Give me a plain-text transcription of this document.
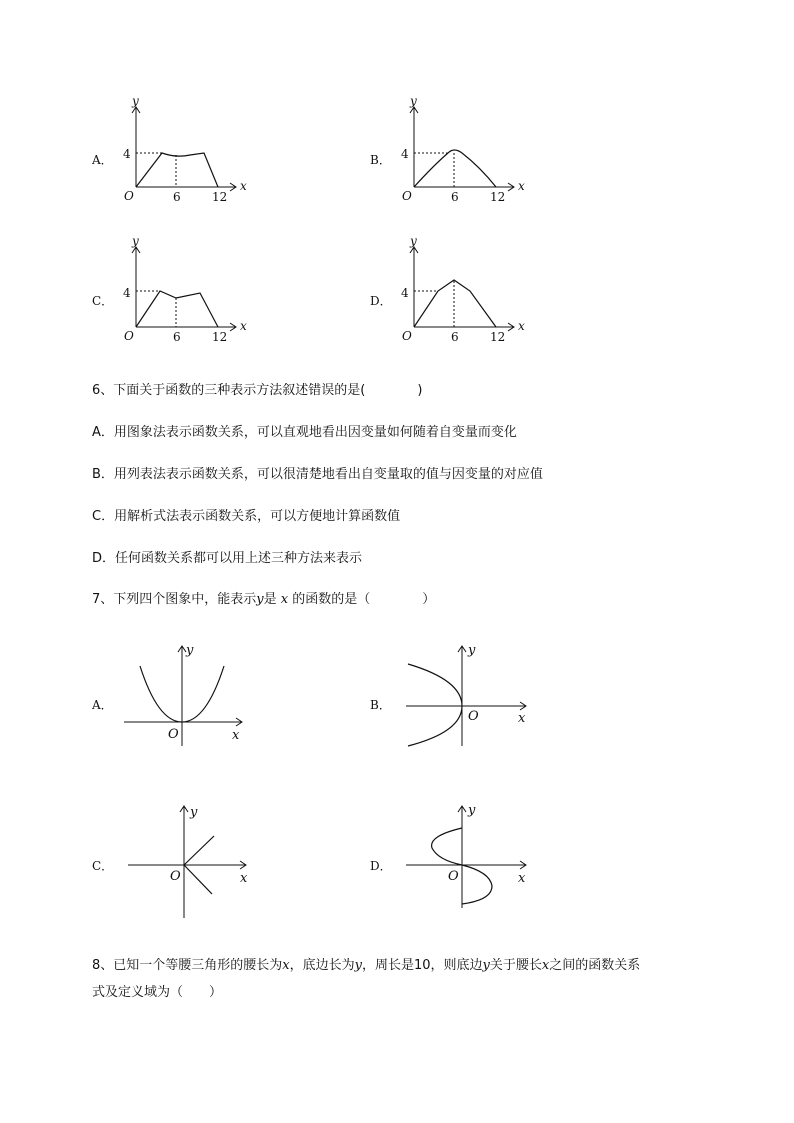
A．
y
x
O
4
6	12
B．
y
x
O
4
6	12
C．
y
x
O
4
6	12
D．
y
x
O
4
6	12
6、下面关于函数的三种表示方法叙述错误的是(　　　　)
A．用图象法表示函数关系，可以直观地看出因变量如何随着自变量而变化
B．用列表法表示函数关系，可以很清楚地看出自变量取的值与因变量的对应值
C．用解析式法表示函数关系，可以方便地计算函数值
D．任何函数关系都可以用上述三种方法来表示
7、下列四个图象中，能表示y是 x 的函数的是（　　　　）
A．
y
x
O
B．
y
x
O
C．
y
x
O
D．
y
x
O
8、已知一个等腰三角形的腰长为x，底边长为y，周长是10，则底边y关于腰长x之间的函数关系
式及定义域为（　　）
